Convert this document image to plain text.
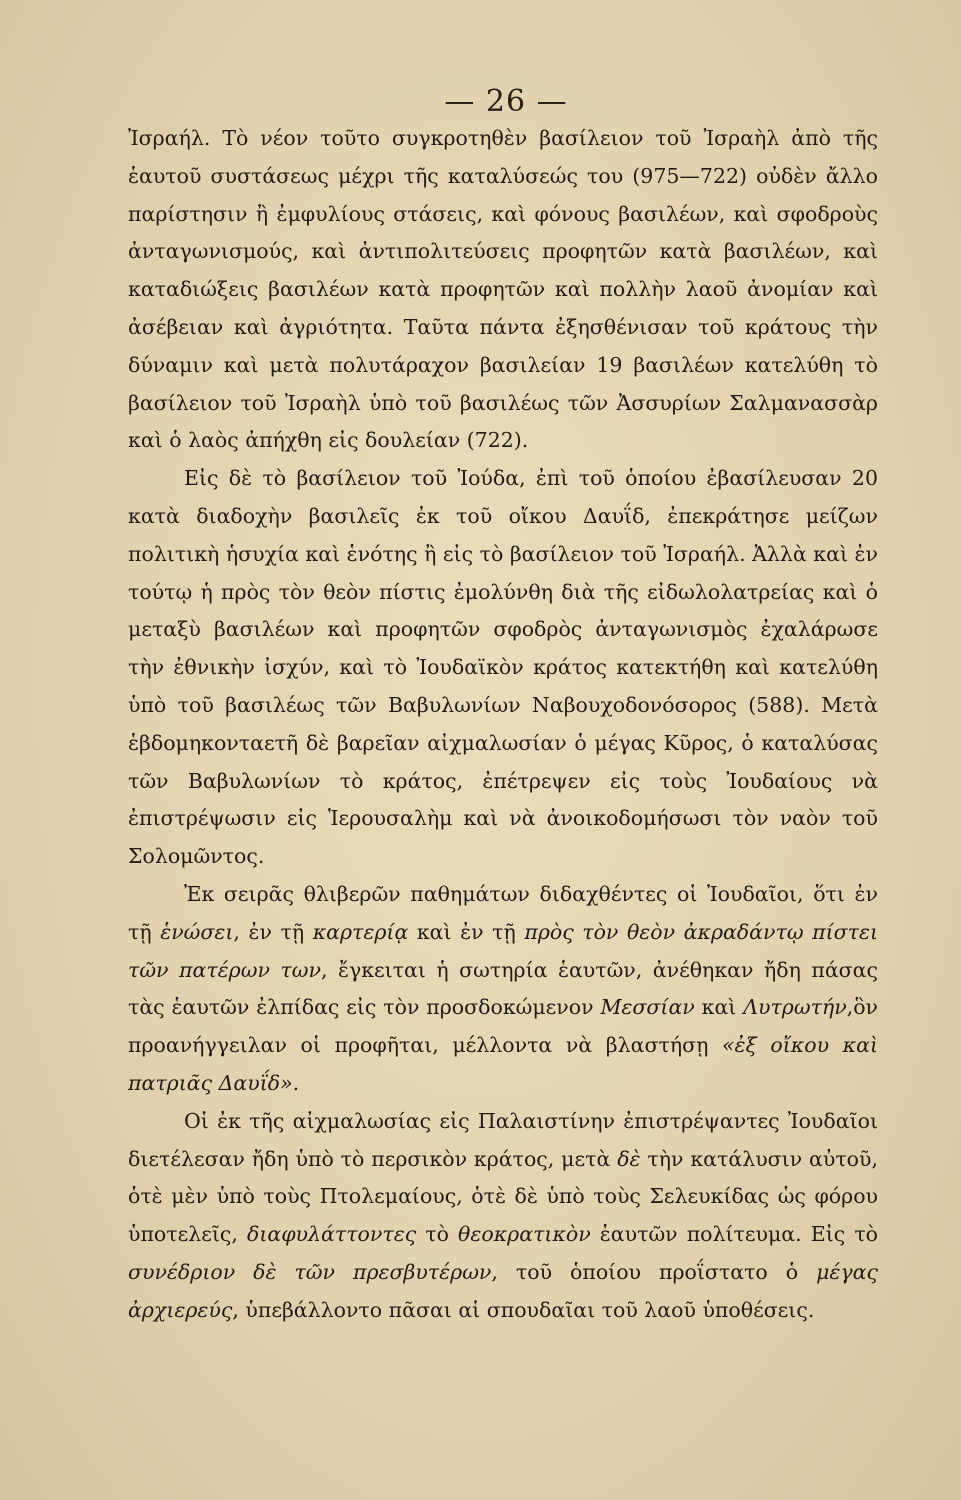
— 26 —

Ἰσραήλ. Τὸ νέον τοῦτο συγκροτηθὲν βασίλειον τοῦ Ἰσραὴλ ἀπὸ τῆς ἑαυτοῦ συστάσεως μέχρι τῆς καταλύσεώς του (975—722) οὐδὲν ἄλλο παρίστησιν ἢ ἐμφυλίους στάσεις, καὶ φόνους βασιλέων, καὶ σφοδροὺς ἀνταγωνισμούς, καὶ ἀντιπολιτεύσεις προφητῶν κατὰ βασιλέων, καὶ καταδιώξεις βασιλέων κατὰ προφητῶν καὶ πολλὴν λαοῦ ἀνομίαν καὶ ἀσέβειαν καὶ ἀγριότητα. Ταῦτα πάντα ἐξησθένισαν τοῦ κράτους τὴν δύναμιν καὶ μετὰ πολυτάραχον βασιλείαν 19 βασιλέων κατελύθη τὸ βασίλειον τοῦ Ἰσραὴλ ὑπὸ τοῦ βασιλέως τῶν Ἀσσυρίων Σαλμανασσὰρ καὶ ὁ λαὸς ἀπήχθη εἰς δουλείαν (722).

Εἰς δὲ τὸ βασίλειον τοῦ Ἰούδα, ἐπὶ τοῦ ὁποίου ἐβασίλευσαν 20 κατὰ διαδοχὴν βασιλεῖς ἐκ τοῦ οἴκου Δαυΐδ, ἐπεκράτησε μείζων πολιτικὴ ἡσυχία καὶ ἑνότης ἢ εἰς τὸ βασίλειον τοῦ Ἰσραήλ. Ἀλλὰ καὶ ἐν τούτῳ ἡ πρὸς τὸν θεὸν πίστις ἐμολύνθη διὰ τῆς εἰδωλολατρείας καὶ ὁ μεταξὺ βασιλέων καὶ προφητῶν σφοδρὸς ἀνταγωνισμὸς ἐχαλάρωσε τὴν ἐθνικὴν ἰσχύν, καὶ τὸ Ἰουδαϊκὸν κράτος κατεκτήθη καὶ κατελύθη ὑπὸ τοῦ βασιλέως τῶν Βαβυλωνίων Ναβουχοδονόσορος (588). Μετὰ ἑβδομηκονταετῆ δὲ βαρεῖαν αἰχμαλωσίαν ὁ μέγας Κῦρος, ὁ καταλύσας τῶν Βαβυλωνίων τὸ κράτος, ἐπέτρεψεν εἰς τοὺς Ἰουδαίους νὰ ἐπιστρέψωσιν εἰς Ἱερουσαλὴμ καὶ νὰ ἀνοικοδομήσωσι τὸν ναὸν τοῦ Σολομῶντος.

Ἐκ σειρᾶς θλιβερῶν παθημάτων διδαχθέντες οἱ Ἰουδαῖοι, ὅτι ἐν τῇ ἑνώσει, ἐν τῇ καρτερίᾳ καὶ ἐν τῇ πρὸς τὸν θεὸν ἀκραδάντῳ πίστει τῶν πατέρων των, ἔγκειται ἡ σωτηρία ἑαυτῶν, ἀνέθηκαν ἤδη πάσας τὰς ἑαυτῶν ἐλπίδας εἰς τὸν προσδοκώμενον Μεσσίαν καὶ Λυτρωτήν,ὃν προανήγγειλαν οἱ προφῆται, μέλλοντα νὰ βλαστήσῃ «ἐξ οἴκου καὶ πατριᾶς Δαυΐδ».

Οἱ ἐκ τῆς αἰχμαλωσίας εἰς Παλαιστίνην ἐπιστρέψαντες Ἰουδαῖοι διετέλεσαν ἤδη ὑπὸ τὸ περσικὸν κράτος, μετὰ δὲ τὴν κατάλυσιν αὐτοῦ, ὁτὲ μὲν ὑπὸ τοὺς Πτολεμαίους, ὁτὲ δὲ ὑπὸ τοὺς Σελευκίδας ὡς φόρου ὑποτελεῖς, διαφυλάττοντες τὸ θεοκρατικὸν ἑαυτῶν πολίτευμα. Εἰς τὸ συνέδριον δὲ τῶν πρεσβυτέρων, τοῦ ὁποίου προΐστατο ὁ μέγας ἀρχιερεύς, ὑπεβάλλοντο πᾶσαι αἱ σπουδαῖαι τοῦ λαοῦ ὑποθέσεις.
